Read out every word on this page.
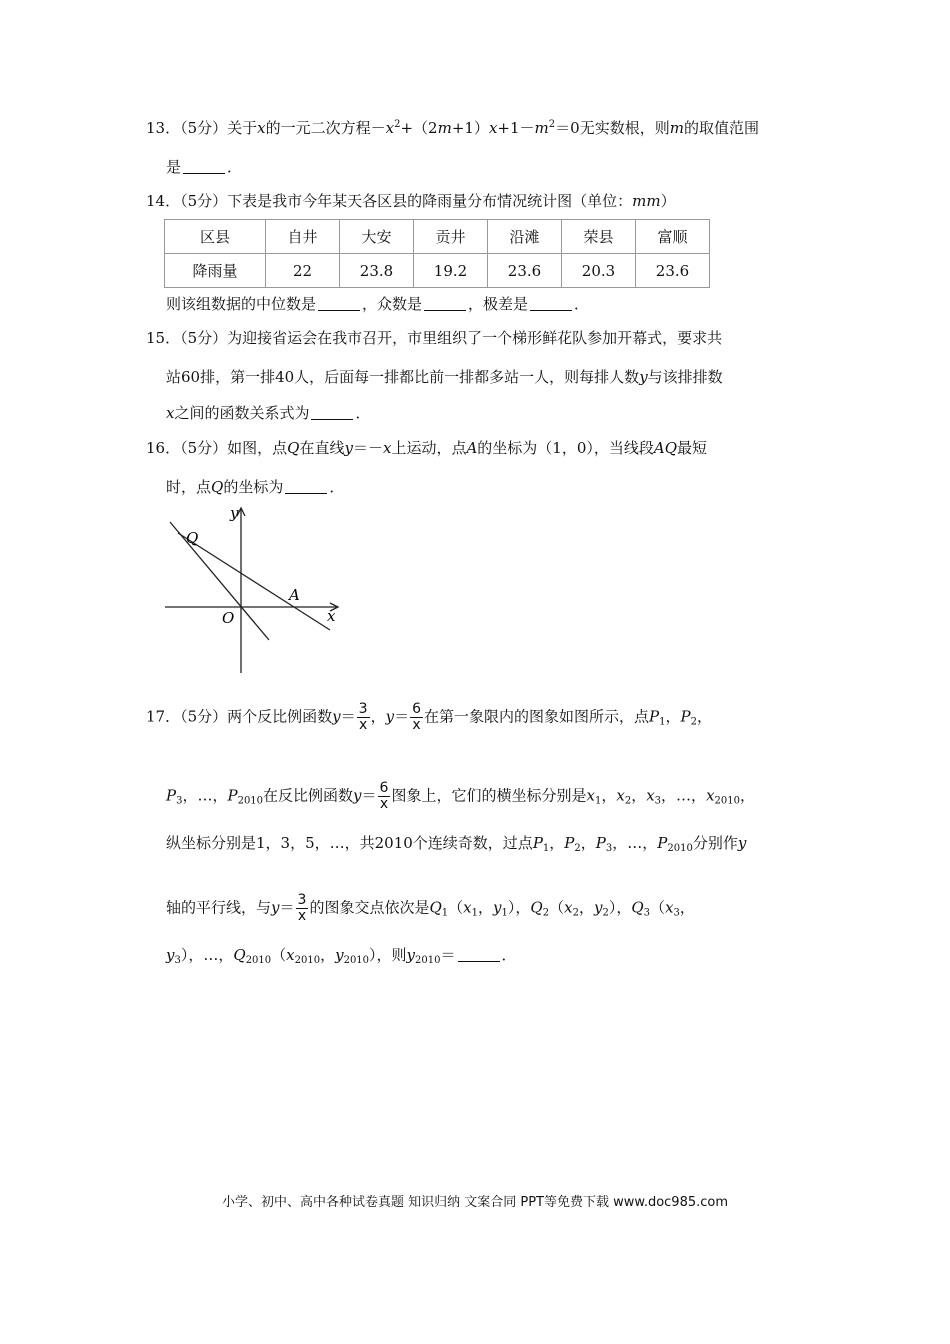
13．（5分）关于x的一元二次方程$-x^2+(2m+1)x+1-m^2=0$无实数根，则m的取值范围
是	．
14．（5分）下表是我市今年某天各区县的降雨量分布情况统计图（单位：mm）
区县	自井	大安	贡井	沿滩	荣县	富顺
降雨量	22	23.8	19.2	23.6	20.3	23.6
则该组数据的中位数是	，众数是	，极差是	．
15．（5分）为迎接省运会在我市召开，市里组织了一个梯形鲜花队参加开幕式，要求共
站60排，第一排40人，后面每一排都比前一排都多站一人，则每排人数y与该排排数
x之间的函数关系式为	．
16．（5分）如图，点Q在直线y＝－x上运动，点A的坐标为（1，0），当线段AQ最短
时，点Q的坐标为	．
y
x
O
Q
A
17．（5分）两个反比例函数$y= \frac{3}{x}$ ，$y= \frac{6}{x}$ 在第一象限内的图象如图所示，点$P_1$，$P_2$，
$P_3$，…，$P_{2010}$在反比例函数$y= \frac{6}{x}$ 图象上，它们的横坐标分别是$x_1$，$x_2$，$x_3$，…，$x_{2010}$，
纵坐标分别是1，3，5，…，共2010个连续奇数，过点$P_1$，$P_2$，$P_3$，…，$P_{2010}$分别作y
轴的平行线，与$y= \frac{3}{x}$ 的图象交点依次是$Q_1(x_1$，$y_1$），$Q_2(x_2$，$y_2$），$Q_3(x_3$，
$y_3$），…，$Q_{2010}(x_{2010}$，$y_{2010}$），则$y_{2010}=$	．
小学、初中、高中各种试卷真题 知识归纳 文案合同 PPT等免费下载 www.doc985.com
